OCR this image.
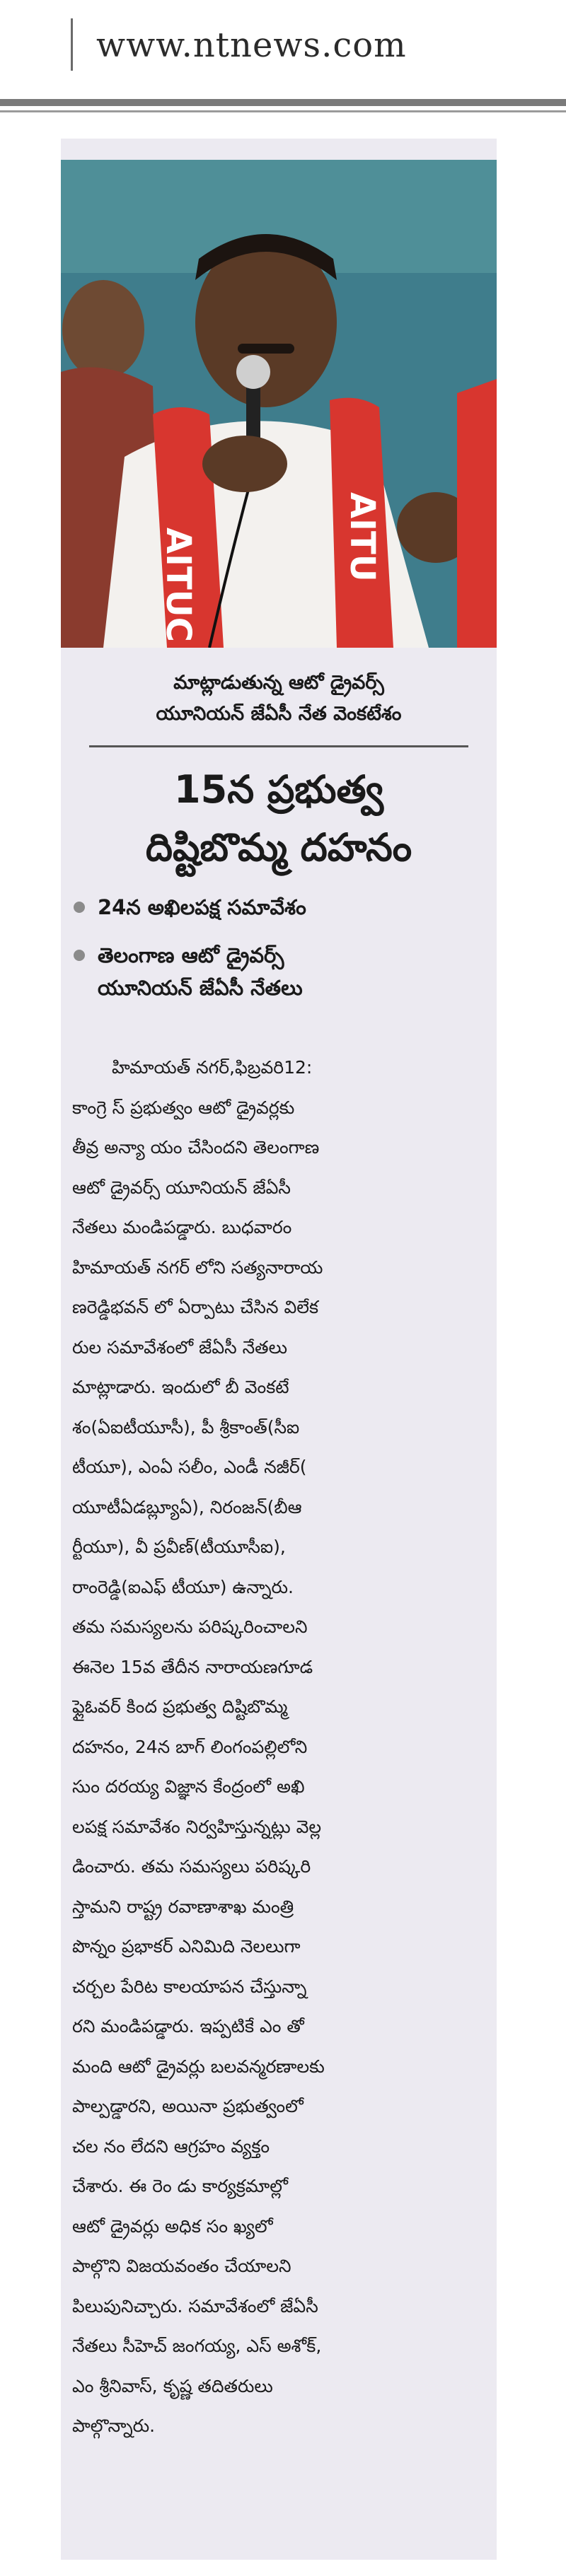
www.ntnews.com
AITUC	AITU
మాట్లాడుతున్న ఆటో డ్రైవర్స్
యూనియన్ జేఏసీ నేత వెంకటేశం
15న ప్రభుత్వ
దిష్టిబొమ్మ దహనం
24న అఖిలపక్ష సమావేశం
తెలంగాణ ఆటో డ్రైవర్స్
యూనియన్ జేఏసీ నేతలు
హిమాయత్ నగర్,ఫిబ్రవరి12:
కాంగ్రె స్ ప్రభుత్వం ఆటో డ్రైవర్లకు
తీవ్ర అన్యా యం చేసిందని తెలంగాణ
ఆటో డ్రైవర్స్ యూనియన్ జేఏసీ
నేతలు మండిపడ్డారు. బుధవారం
హిమాయత్ నగర్ లోని సత్యనారాయ
ణరెడ్డిభవన్ లో ఏర్పాటు చేసిన విలేక
రుల సమావేశంలో జేఏసీ నేతలు
మాట్లాడారు. ఇందులో బీ వెంకటే
శం(ఏఐటీయూసీ), పీ శ్రీకాంత్(సీఐ
టీయూ), ఎంఏ సలీం, ఎండీ నజీర్(
యూటీఏడబ్ల్యూఏ), నిరంజన్(బీఆ
ర్టీయూ), వీ ప్రవీణ్(టీయూసీఐ),
రాంరెడ్డి(ఐఎఫ్ టీయూ) ఉన్నారు.
తమ సమస్యలను పరిష్కరించాలని
ఈనెల 15వ తేదీన నారాయణగూడ
ఫ్లైఓవర్ కింద ప్రభుత్వ దిష్టిబొమ్మ
దహనం, 24న బాగ్ లింగంపల్లిలోని
సుం దరయ్య విజ్ఞాన కేంద్రంలో అఖి
లపక్ష సమావేశం నిర్వహిస్తున్నట్లు వెల్ల
డించారు. తమ సమస్యలు పరిష్కరి
స్తామని రాష్ట్ర రవాణాశాఖ మంత్రి
పొన్నం ప్రభాకర్ ఎనిమిది నెలలుగా
చర్చల పేరిట కాలయాపన చేస్తున్నా
రని మండిపడ్డారు. ఇప్పటికే ఎం తో
మంది ఆటో డ్రైవర్లు బలవన్మరణాలకు
పాల్పడ్డారని, అయినా ప్రభుత్వంలో
చల నం లేదని ఆగ్రహం వ్యక్తం
చేశారు. ఈ రెం డు కార్యక్రమాల్లో
ఆటో డ్రైవర్లు అధిక సం ఖ్యలో
పాల్గొని విజయవంతం చేయాలని
పిలుపునిచ్చారు. సమావేశంలో జేఏసీ
నేతలు సీహెచ్ జంగయ్య, ఎస్ అశోక్,
ఎం శ్రీనివాస్, కృష్ణ తదితరులు
పాల్గొన్నారు.
